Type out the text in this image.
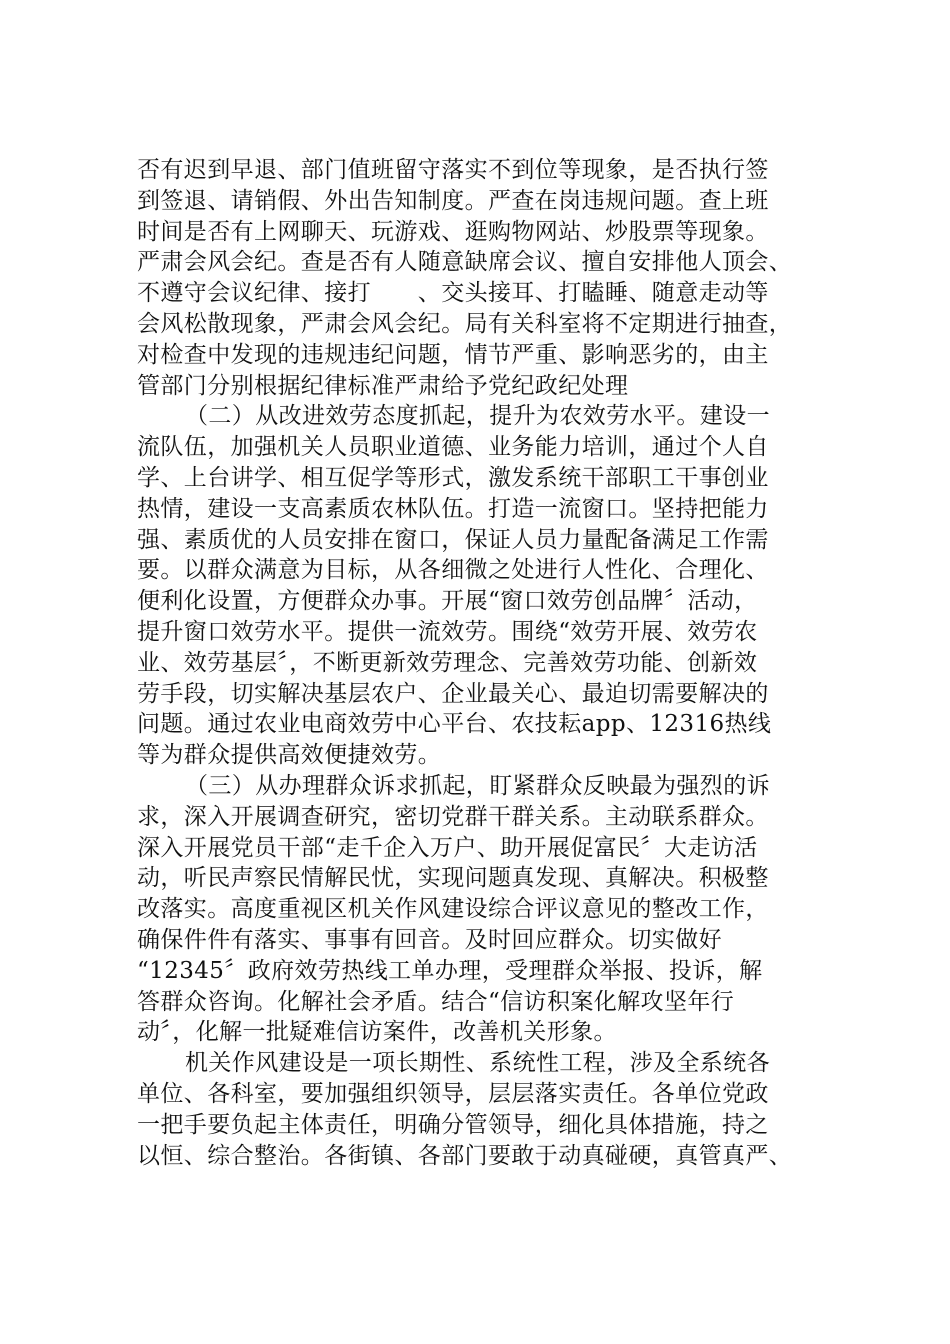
否有迟到早退、部门值班留守落实不到位等现象，是否执行签
到签退、请销假、外出告知制度。严查在岗违规问题。查上班
时间是否有上网聊天、玩游戏、逛购物网站、炒股票等现象。
严肃会风会纪。查是否有人随意缺席会议、擅自安排他人顶会、
不遵守会议纪律、接打　　、交头接耳、打瞌睡、随意走动等
会风松散现象，严肃会风会纪。局有关科室将不定期进行抽查，
对检查中发现的违规违纪问题，情节严重、影响恶劣的，由主
管部门分别根据纪律标准严肃给予党纪政纪处理
（二）从改进效劳态度抓起，提升为农效劳水平。建设一
流队伍，加强机关人员职业道德、业务能力培训，通过个人自
学、上台讲学、相互促学等形式，激发系统干部职工干事创业
热情，建设一支高素质农林队伍。打造一流窗口。坚持把能力
强、素质优的人员安排在窗口，保证人员力量配备满足工作需
要。以群众满意为目标，从各细微之处进行人性化、合理化、
便利化设置，方便群众办事。开展“窗口效劳创品牌〞活动，
提升窗口效劳水平。提供一流效劳。围绕“效劳开展、效劳农
业、效劳基层〞，不断更新效劳理念、完善效劳功能、创新效
劳手段，切实解决基层农户、企业最关心、最迫切需要解决的
问题。通过农业电商效劳中心平台、农技耘app、12316热线
等为群众提供高效便捷效劳。
（三）从办理群众诉求抓起，盯紧群众反映最为强烈的诉
求，深入开展调查研究，密切党群干群关系。主动联系群众。
深入开展党员干部“走千企入万户、助开展促富民〞大走访活
动，听民声察民情解民忧，实现问题真发现、真解决。积极整
改落实。高度重视区机关作风建设综合评议意见的整改工作，
确保件件有落实、事事有回音。及时回应群众。切实做好
“12345〞政府效劳热线工单办理，受理群众举报、投诉，解
答群众咨询。化解社会矛盾。结合“信访积案化解攻坚年行
动〞，化解一批疑难信访案件，改善机关形象。
机关作风建设是一项长期性、系统性工程，涉及全系统各
单位、各科室，要加强组织领导，层层落实责任。各单位党政
一把手要负起主体责任，明确分管领导，细化具体措施，持之
以恒、综合整治。各街镇、各部门要敢于动真碰硬，真管真严、
